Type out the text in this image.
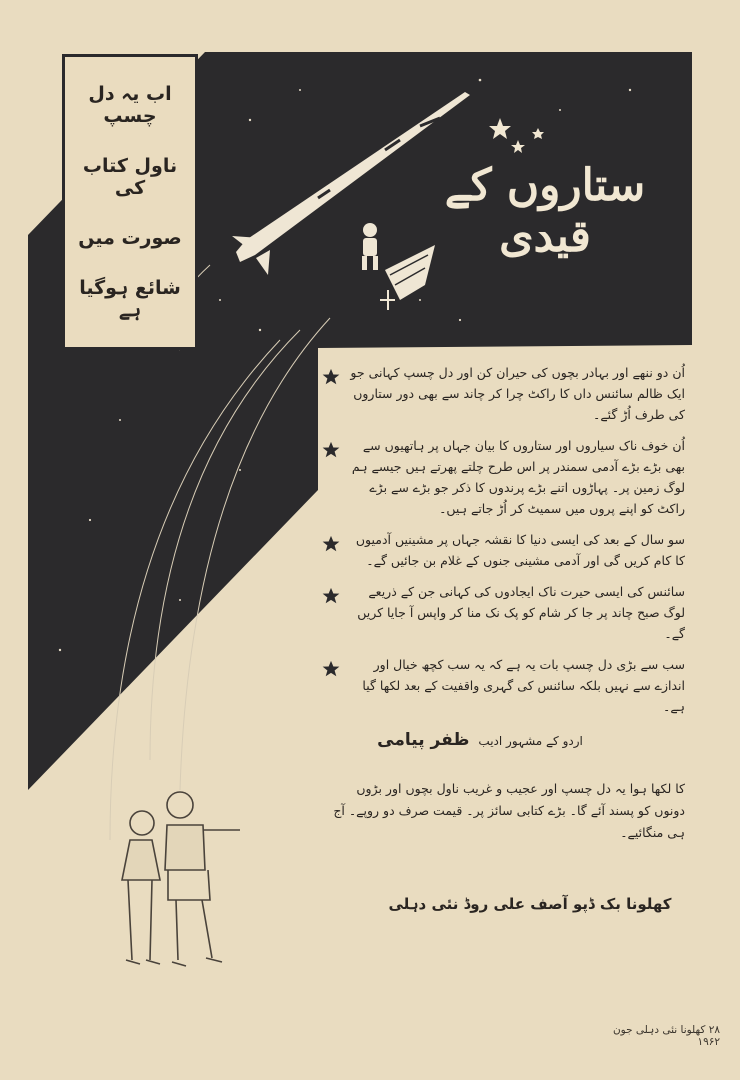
اب یہ دل چسپ
ناول کتاب کی
صورت میں
شائع ہوگیا ہے
ستاروں کے قیدی
اُن دو ننھے اور بہادر بچوں کی حیران کن اور دل چسپ کہانی جو ایک ظالم سائنس داں کا راکٹ چرا کر چاند سے بھی دور ستاروں کی طرف اُڑ گئے۔
اُن خوف ناک سیاروں اور ستاروں کا بیان جہاں پر ہاتھیوں سے بھی بڑے بڑے آدمی سمندر پر اس طرح چلتے پھرتے ہیں جیسے ہم لوگ زمین پر۔ پہاڑوں اتنے بڑے پرندوں کا ذکر جو بڑے سے بڑے راکٹ کو اپنے پروں میں سمیٹ کر اُڑ جاتے ہیں۔
سو سال کے بعد کی ایسی دنیا کا نقشہ جہاں پر مشینیں آدمیوں کا کام کریں گی اور آدمی مشینی جنوں کے غلام بن جائیں گے۔
سائنس کی ایسی حیرت ناک ایجادوں کی کہانی جن کے ذریعے لوگ صبح چاند پر جا کر شام کو پک نک منا کر واپس آ جایا کریں گے۔
سب سے بڑی دل چسپ بات یہ ہے کہ یہ سب کچھ خیال اور اندازے سے نہیں بلکہ سائنس کی گہری واقفیت کے بعد لکھا گیا ہے۔
اردو کے مشہور ادیب ظفر پیامی
کا لکھا ہوا یہ دل چسپ اور عجیب و غریب ناول بچوں اور بڑوں دونوں کو پسند آئے گا۔ بڑے کتابی سائز پر۔ قیمت صرف دو روپے۔ آج ہی منگائیے۔
کھلونا بک ڈپو آصف علی روڈ نئی دہلی
۲۸ کھلونا نئی دہلی جون ۱۹۶۲
